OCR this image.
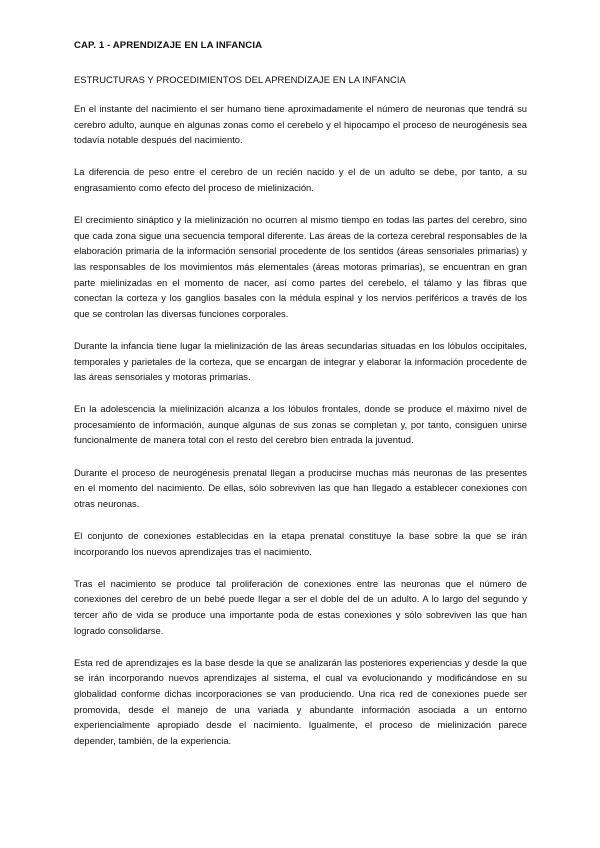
CAP. 1 - APRENDIZAJE EN LA INFANCIA
ESTRUCTURAS Y PROCEDIMIENTOS DEL APRENDIZAJE EN LA INFANCIA

En el instante del nacimiento el ser humano tiene aproximadamente el número de neuronas que tendrá su cerebro adulto, aunque en algunas zonas como el cerebelo y el hipocampo el proceso de neurogénesis sea todavía notable después del nacimiento.

La diferencia de peso entre el cerebro de un recién nacido y el de un adulto se debe, por tanto, a su engrasamiento como efecto del proceso de mielinización.

El crecimiento sináptico y la mielinización no ocurren al mismo tiempo en todas las partes del cerebro, sino que cada zona sigue una secuencia temporal diferente. Las áreas de la corteza cerebral responsables de la elaboración primaria de la información sensorial procedente de los sentidos (áreas sensoriales primarias) y las responsables de los movimientos más elementales (áreas motoras primarias), se encuentran en gran parte mielinizadas en el momento de nacer, así como partes del cerebelo, el tálamo y las fibras que conectan la corteza y los ganglios basales con la médula espinal y los nervios periféricos a través de los que se controlan las diversas funciones corporales.

Durante la infancia tiene lugar la mielinización de las áreas secundarias situadas en los lóbulos occipitales, temporales y parietales de la corteza, que se encargan de integrar y elaborar la información procedente de las áreas sensoriales y motoras primarias.

En la adolescencia la mielinización alcanza a los lóbulos frontales, donde se produce el máximo nivel de procesamiento de información, aunque algunas de sus zonas se completan y, por tanto, consiguen unirse funcionalmente de manera total con el resto del cerebro bien entrada la juventud.

Durante el proceso de neurogénesis prenatal llegan a producirse muchas más neuronas de las presentes en el momento del nacimiento. De ellas, sólo sobreviven las que han llegado a establecer conexiones con otras neuronas.

El conjunto de conexiones establecidas en la etapa prenatal constituye la base sobre la que se irán incorporando los nuevos aprendizajes tras el nacimiento.

Tras el nacimiento se produce tal proliferación de conexiones entre las neuronas que el número de conexiones del cerebro de un bebé puede llegar a ser el doble del de un adulto. A lo largo del segundo y tercer año de vida se produce una importante poda de estas conexiones y sólo sobreviven las que han logrado consolidarse.

Esta red de aprendizajes es la base desde la que se analizarán las posteriores experiencias y desde la que se irán incorporando nuevos aprendizajes al sistema, el cual va evolucionando y modificándose en su globalidad conforme dichas incorporaciones se van produciendo. Una rica red de conexiones puede ser promovida, desde el manejo de una variada y abundante información asociada a un entorno experiencialmente apropiado desde el nacimiento. Igualmente, el proceso de mielinización parece depender, también, de la experiencia.
